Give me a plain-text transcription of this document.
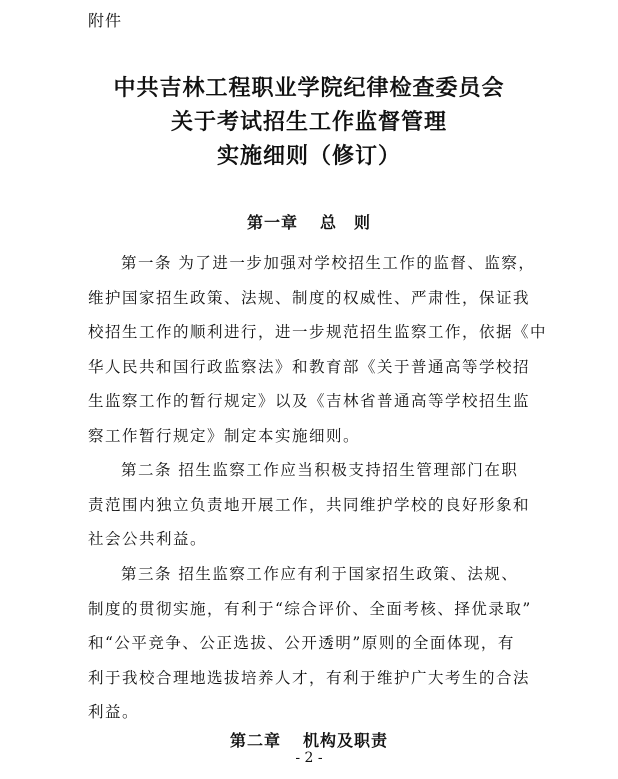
附件
中共吉林工程职业学院纪律检查委员会
关于考试招生工作监督管理
实施细则（修订）
第一章 总　则
第一条 为了进一步加强对学校招生工作的监督、监察，
维护国家招生政策、法规、制度的权威性、严肃性，保证我
校招生工作的顺利进行，进一步规范招生监察工作，依据《中
华人民共和国行政监察法》和教育部《关于普通高等学校招
生监察工作的暂行规定》以及《吉林省普通高等学校招生监
察工作暂行规定》制定本实施细则。
第二条 招生监察工作应当积极支持招生管理部门在职
责范围内独立负责地开展工作，共同维护学校的良好形象和
社会公共利益。
第三条 招生监察工作应有利于国家招生政策、法规、
制度的贯彻实施，有利于“综合评价、全面考核、择优录取”
和“公平竞争、公正选拔、公开透明”原则的全面体现，有
利于我校合理地选拔培养人才，有利于维护广大考生的合法
利益。
第二章 机构及职责
- 2 -
